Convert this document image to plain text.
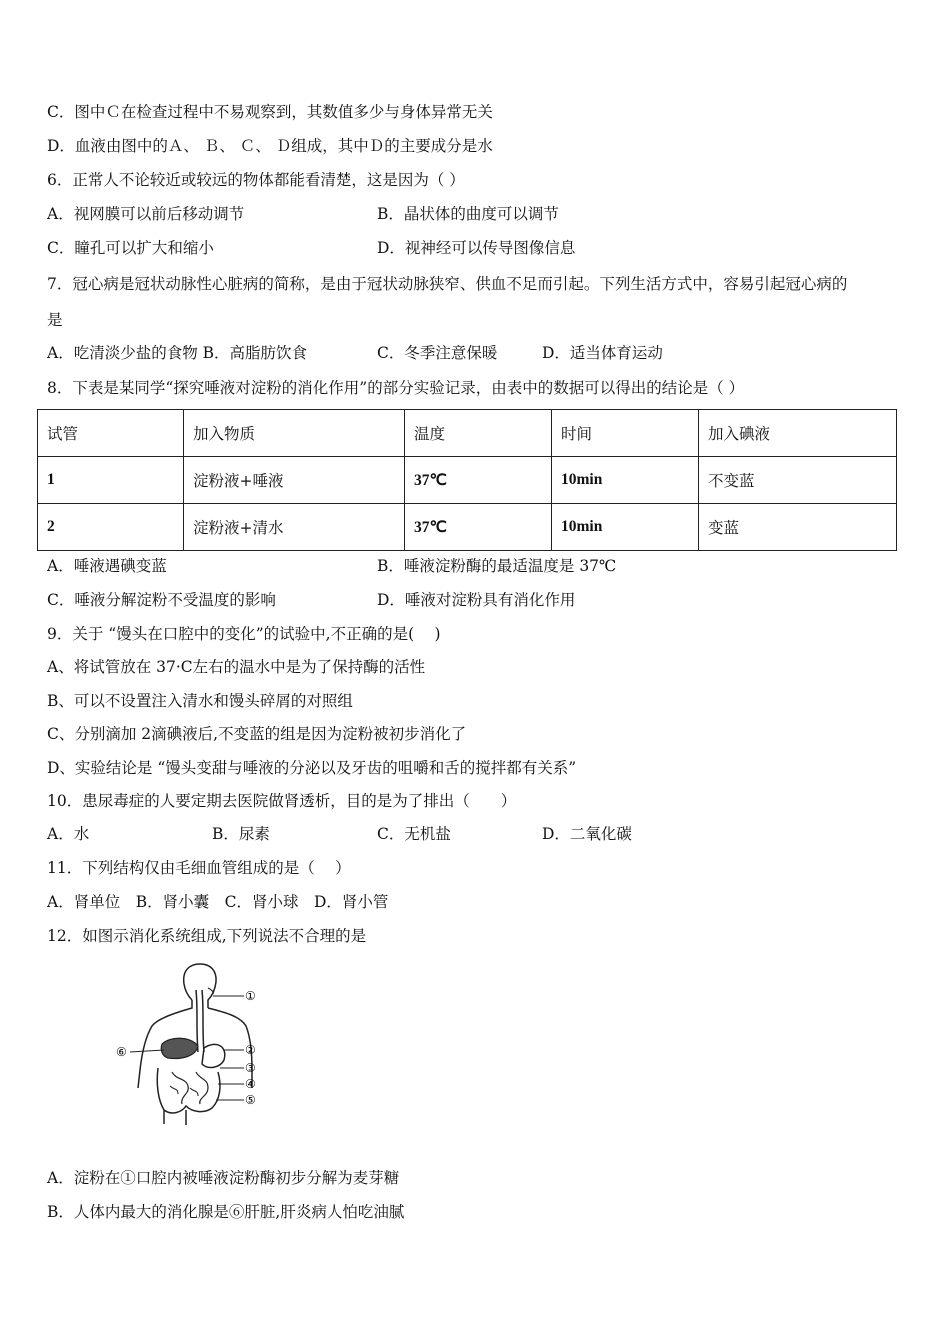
C．图中Ｃ在检查过程中不易观察到，其数值多少与身体异常无关
D．血液由图中的Ａ、 Ｂ、 Ｃ、 Ｄ组成，其中Ｄ的主要成分是水
6．正常人不论较近或较远的物体都能看清楚，这是因为（ ）
A．视网膜可以前后移动调节	B．晶状体的曲度可以调节
C．瞳孔可以扩大和缩小	D．视神经可以传导图像信息
7．冠心病是冠状动脉性心脏病的简称，是由于冠状动脉狭窄、供血不足而引起。下列生活方式中，容易引起冠心病的
是
A．吃清淡少盐的食物 B．高脂肪饮食	C．冬季注意保暖	D．适当体育运动
8．下表是某同学“探究唾液对淀粉的消化作用”的部分实验记录，由表中的数据可以得出的结论是（ ）
试管	加入物质	温度	时间	加入碘液
1	淀粉液+唾液	37℃	10min	不变蓝
2	淀粉液+清水	37℃	10min	变蓝
A．唾液遇碘变蓝	B．唾液淀粉酶的最适温度是 37℃
C．唾液分解淀粉不受温度的影响	D．唾液对淀粉具有消化作用
9．关于 “馒头在口腔中的变化”的试验中,不正确的是(　 )
A、将试管放在 37·C左右的温水中是为了保持酶的活性
B、可以不设置注入清水和馒头碎屑的对照组
C、分别滴加 2滴碘液后,不变蓝的组是因为淀粉被初步消化了
D、实验结论是 “馒头变甜与唾液的分泌以及牙齿的咀嚼和舌的搅拌都有关系”
10．患尿毒症的人要定期去医院做肾透析，目的是为了排出（　　）
A．水	B．尿素	C．无机盐	D．二氧化碳
11．下列结构仅由毛细血管组成的是（　 ）
A．肾单位　B．肾小囊　C．肾小球　D．肾小管
12．如图示消化系统组成,下列说法不合理的是
①
②
③
④
⑤
⑥
A．淀粉在①口腔内被唾液淀粉酶初步分解为麦芽糖
B．人体内最大的消化腺是⑥肝脏,肝炎病人怕吃油腻
